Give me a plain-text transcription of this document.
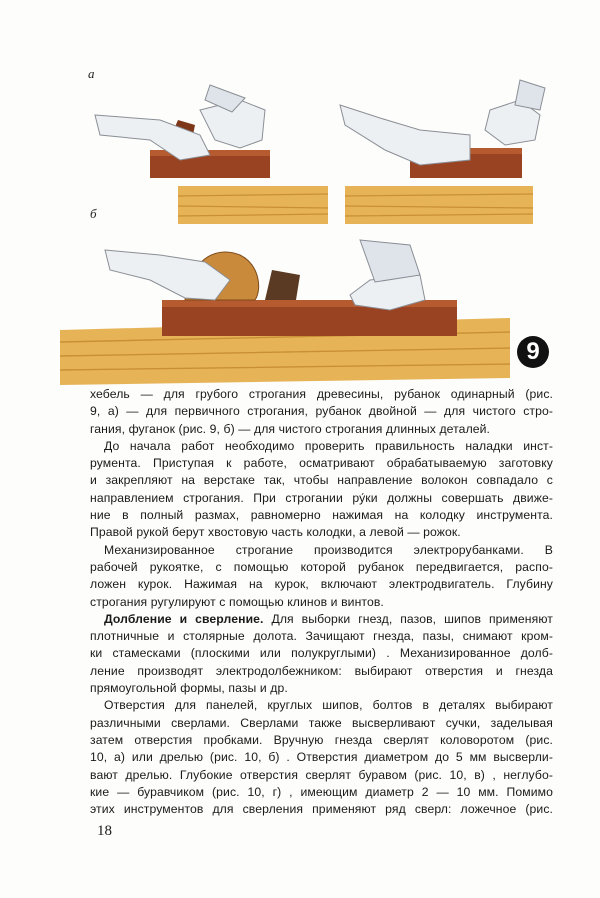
а
б
9
хебель — для грубого строгания древесины, рубанок одинарный (рис.
9, а) — для первичного строгания, рубанок двойной — для чистого стро-
гания, фуганок (рис. 9, б) — для чистого строгания длинных деталей.
До начала работ необходимо проверить правильность наладки инст-
румента. Приступая к работе, осматривают обрабатываемую заготовку
и закрепляют на верстаке так, чтобы направление волокон совпадало с
направлением строгания. При строгании ру́ки должны совершать движе-
ние в полный размах, равномерно нажимая на колодку инструмента.
Правой рукой берут хвостовую часть колодки, а левой — рожок.
Механизированное строгание производится электрорубанками. В
рабочей рукоятке, с помощью которой рубанок передвигается, распо-
ложен курок. Нажимая на курок, включают электродвигатель. Глубину
строгания ругулируют с помощью клинов и винтов.
Долбление и сверление. Для выборки гнезд, пазов, шипов применяют
плотничные и столярные долота. Зачищают гнезда, пазы, снимают кром-
ки стамесками (плоскими или полукруглыми) . Механизированное долб-
ление производят электродолбежником: выбирают отверстия и гнезда
прямоугольной формы, пазы и др.
Отверстия для панелей, круглых шипов, болтов в деталях выбирают
различными сверлами. Сверлами также высверливают сучки, заделывая
затем отверстия пробками. Вручную гнезда сверлят коловоротом (рис.
10, а) или дрелью (рис. 10, б) . Отверстия диаметром до 5 мм высверли-
вают дрелью. Глубокие отверстия сверлят буравом (рис. 10, в) , неглубо-
кие — буравчиком (рис. 10, г) , имеющим диаметр 2 — 10 мм. Помимо
этих инструментов для сверления применяют ряд сверл: ложечное (рис.
18
